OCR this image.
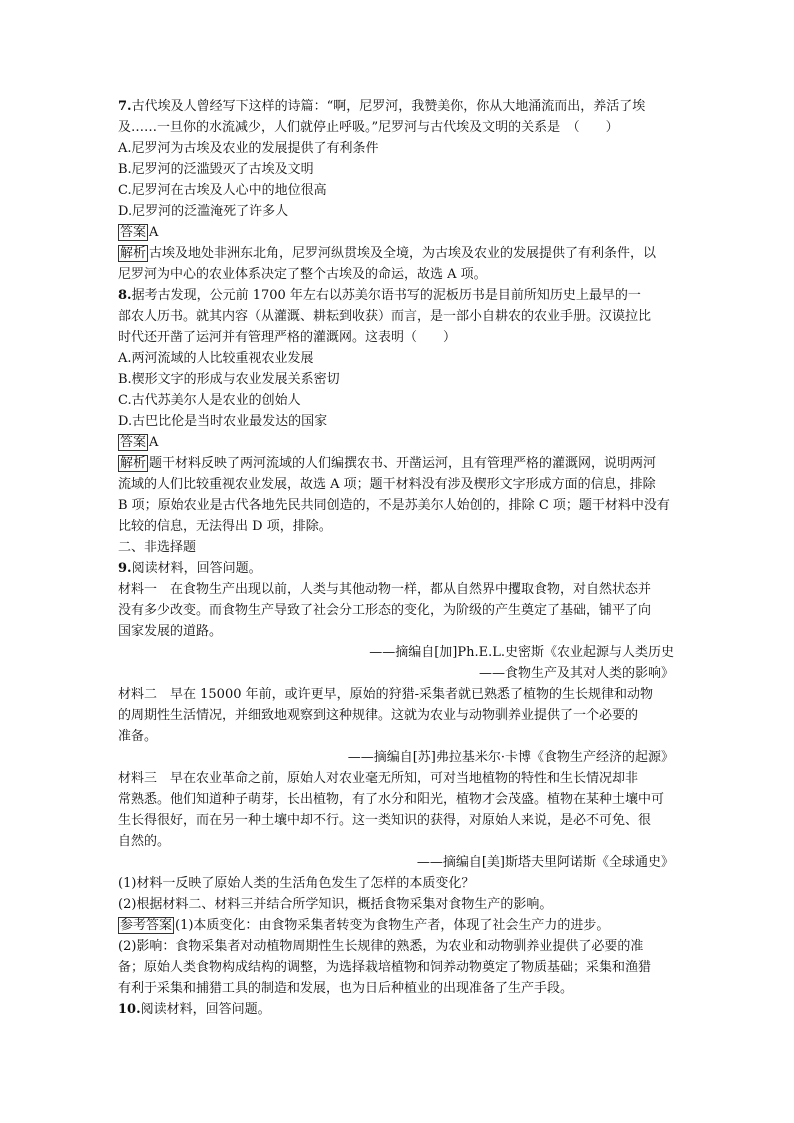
7.古代埃及人曾经写下这样的诗篇：“啊，尼罗河，我赞美你，你从大地涌流而出，养活了埃
及……一旦你的水流减少，人们就停止呼吸。”尼罗河与古代埃及文明的关系是　（　　）
A.尼罗河为古埃及农业的发展提供了有利条件
B.尼罗河的泛滥毁灭了古埃及文明
C.尼罗河在古埃及人心中的地位很高
D.尼罗河的泛滥淹死了许多人
答案 A
解析 古埃及地处非洲东北角，尼罗河纵贯埃及全境，为古埃及农业的发展提供了有利条件，以
尼罗河为中心的农业体系决定了整个古埃及的命运，故选 A 项。
8.据考古发现，公元前 1700 年左右以苏美尔语书写的泥板历书是目前所知历史上最早的一
部农人历书。就其内容（从灌溉、耕耘到收获）而言，是一部小自耕农的农业手册。汉谟拉比
时代还开凿了运河并有管理严格的灌溉网。这表明（　　）
A.两河流域的人比较重视农业发展
B.楔形文字的形成与农业发展关系密切
C.古代苏美尔人是农业的创始人
D.古巴比伦是当时农业最发达的国家
答案 A
解析 题干材料反映了两河流域的人们编撰农书、开凿运河，且有管理严格的灌溉网，说明两河
流域的人们比较重视农业发展，故选 A 项；题干材料没有涉及楔形文字形成方面的信息，排除
B 项；原始农业是古代各地先民共同创造的，不是苏美尔人始创的，排除 C 项；题干材料中没有
比较的信息，无法得出 D 项，排除。
二、非选择题
9.阅读材料，回答问题。
材料一　在食物生产出现以前，人类与其他动物一样，都从自然界中攫取食物，对自然状态并
没有多少改变。而食物生产导致了社会分工形态的变化，为阶级的产生奠定了基础，铺平了向
国家发展的道路。
——摘编自[加]Ph.E.L.史密斯《农业起源与人类历史
——食物生产及其对人类的影响》
材料二　早在 15000 年前，或许更早，原始的狩猎-采集者就已熟悉了植物的生长规律和动物
的周期性生活情况，并细致地观察到这种规律。这就为农业与动物驯养业提供了一个必要的
准备。
——摘编自[苏]弗拉基米尔·卡博《食物生产经济的起源》
材料三　早在农业革命之前，原始人对农业毫无所知，可对当地植物的特性和生长情况却非
常熟悉。他们知道种子萌芽，长出植物，有了水分和阳光，植物才会茂盛。植物在某种土壤中可
生长得很好，而在另一种土壤中却不行。这一类知识的获得，对原始人来说，是必不可免、很
自然的。
——摘编自[美]斯塔夫里阿诺斯《全球通史》
(1)材料一反映了原始人类的生活角色发生了怎样的本质变化？
(2)根据材料二、材料三并结合所学知识，概括食物采集对食物生产的影响。
参考答案 (1)本质变化：由食物采集者转变为食物生产者，体现了社会生产力的进步。
(2)影响：食物采集者对动植物周期性生长规律的熟悉，为农业和动物驯养业提供了必要的准
备；原始人类食物构成结构的调整，为选择栽培植物和饲养动物奠定了物质基础；采集和渔猎
有利于采集和捕猎工具的制造和发展，也为日后种植业的出现准备了生产手段。
10.阅读材料，回答问题。
